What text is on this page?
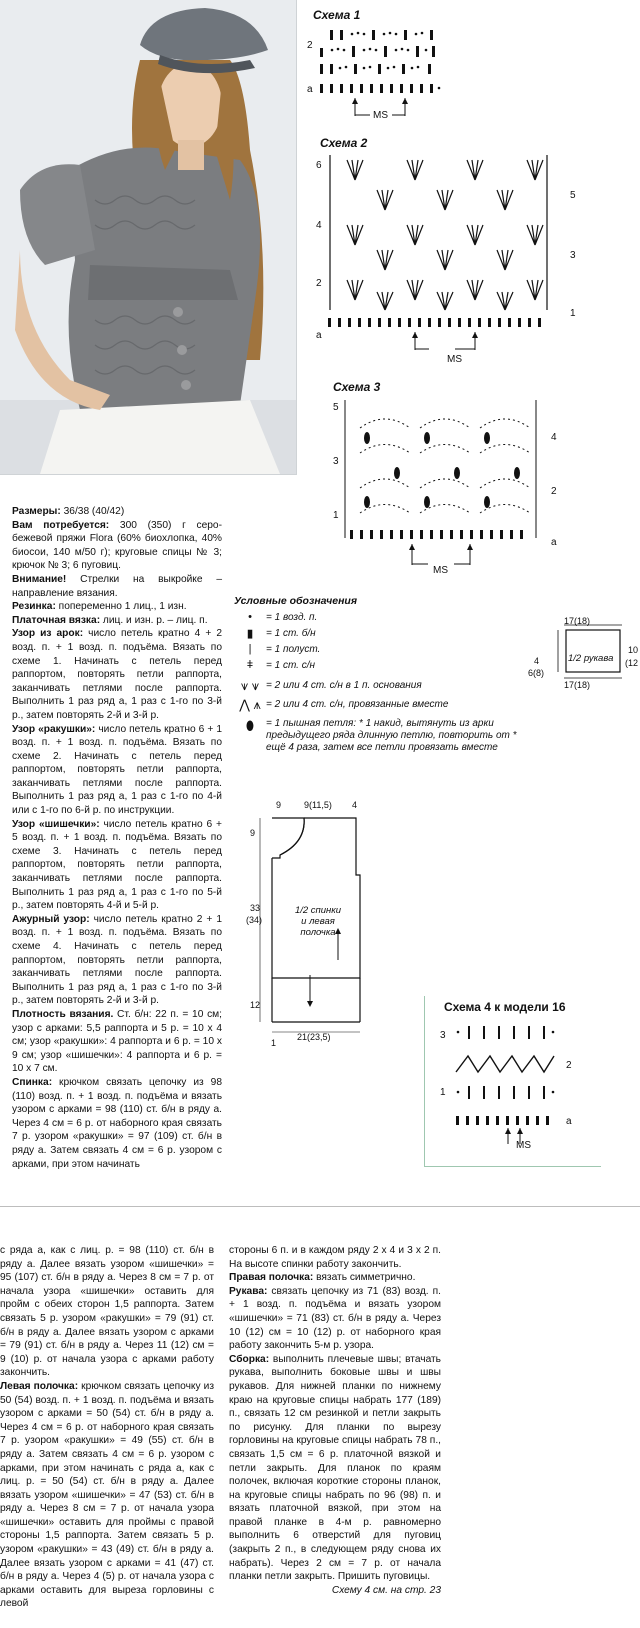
Схема 1
2
a
MS
Схема 2
6
4
2
a
5
3
1
MS
Схема 3
5
3
1
4
2
a
MS
Условные обозначения
•	= 1 возд. п.
▮	= 1 ст. б/н
|	= 1 полуст.
ǂ	= 1 ст. с/н
⩛ ⩛ = 2 или 4 ст. с/н в 1 п. основания
⋀ ⩚ = 2 или 4 ст. с/н, провязанные вместе
⬮	= 1 пышная петля: * 1 накид, вытянуть из арки предыдущего ряда длинную петлю, повторить от * ещё 4 раза, затем все петли провязать вместе
17(18)
17(18)
4
6(8)
1/2 рукава
10
(12
9	9(11,5) 4
9
33
(34)
12
1
21(23,5)
1/2 спинки
и левая
полочка
Схема 4 к модели 16
3
1
2
a
MS

Размеры: 36/38 (40/42)

Вам потребуется: 300 (350) г серо-бежевой пряжи Flora (60% биохлопка, 40% биосои, 140 м/50 г); круговые спицы № 3; крючок № 3; 6 пуговиц.

Внимание! Стрелки на выкройке – направление вязания.

Резинка: попеременно 1 лиц., 1 изн.

Платочная вязка: лиц. и изн. р. – лиц. п.

Узор из арок: число петель кратно 4 + 2 возд. п. + 1 возд. п. подъёма. Вязать по схеме 1. Начинать с петель перед раппортом, повторять петли раппорта, заканчивать петлями после раппорта. Выполнить 1 раз ряд а, 1 раз с 1-го по 3-й р., затем повторять 2-й и 3-й р.

Узор «ракушки»: число петель кратно 6 + 1 возд. п. + 1 возд. п. подъёма. Вязать по схеме 2. Начинать с петель перед раппортом, повторять петли раппорта, заканчивать петлями после раппорта. Выполнить 1 раз ряд а, 1 раз с 1-го по 4-й или с 1-го по 6-й р. по инструкции.

Узор «шишечки»: число петель кратно 6 + 5 возд. п. + 1 возд. п. подъёма. Вязать по схеме 3. Начинать с петель перед раппортом, повторять петли раппорта, заканчивать петлями после раппорта. Выполнить 1 раз ряд а, 1 раз с 1-го по 5-й р., затем повторять 4-й и 5-й р.

Ажурный узор: число петель кратно 2 + 1 возд. п. + 1 возд. п. подъёма. Вязать по схеме 4. Начинать с петель перед раппортом, повторять петли раппорта, заканчивать петлями после раппорта. Выполнить 1 раз ряд а, 1 раз с 1-го по 3-й р., затем повторять 2-й и 3-й р.

Плотность вязания. Ст. б/н: 22 п. = 10 см; узор с арками: 5,5 раппорта и 5 р. = 10 х 4 см; узор «ракушки»: 4 раппорта и 6 р. = 10 х 9 см; узор «шишечки»: 4 раппорта и 6 р. = 10 х 7 см.

Спинка: крючком связать цепочку из 98 (110) возд. п. + 1 возд. п. подъёма и вязать узором с арками = 98 (110) ст. б/н в ряду а. Через 4 см = 6 р. от наборного края связать 7 р. узором «ракушки» = 97 (109) ст. б/н в ряду а. Затем связать 4 см = 6 р. узором с арками, при этом начинать

с ряда а, как с лиц. р. = 98 (110) ст. б/н в ряду а. Далее вязать узором «шишечки» = 95 (107) ст. б/н в ряду а. Через 8 см = 7 р. от начала узора «шишечки» оставить для пройм с обеих сторон 1,5 раппорта. Затем связать 5 р. узором «ракушки» = 79 (91) ст. б/н в ряду а. Далее вязать узором с арками = 79 (91) ст. б/н в ряду а. Через 11 (12) см = 9 (10) р. от начала узора с арками работу закончить.

Левая полочка: крючком связать цепочку из 50 (54) возд. п. + 1 возд. п. подъёма и вязать узором с арками = 50 (54) ст. б/н в ряду а. Через 4 см = 6 р. от наборного края связать 7 р. узором «ракушки» = 49 (55) ст. б/н в ряду а. Затем связать 4 см = 6 р. узором с арками, при этом начинать с ряда а, как с лиц. р. = 50 (54) ст. б/н в ряду а. Далее вязать узором «шишечки» = 47 (53) ст. б/н в ряду а. Через 8 см = 7 р. от начала узора «шишечки» оставить для проймы с правой стороны 1,5 раппорта. Затем связать 5 р. узором «ракушки» = 43 (49) ст. б/н в ряду а. Далее вязать узором с арками = 41 (47) ст. б/н в ряду а. Через 4 (5) р. от начала узора с арками оставить для выреза горловины с левой

стороны 6 п. и в каждом ряду 2 х 4 и 3 х 2 п. На высоте спинки работу закончить.

Правая полочка: вязать симметрично.

Рукава: связать цепочку из 71 (83) возд. п. + 1 возд. п. подъёма и вязать узором «шишечки» = 71 (83) ст. б/н в ряду а. Через 10 (12) см = 10 (12) р. от наборного края работу закончить 5-м р. узора.

Сборка: выполнить плечевые швы; втачать рукава, выполнить боковые швы и швы рукавов. Для нижней планки по нижнему краю на круговые спицы набрать 177 (189) п., связать 12 см резинкой и петли закрыть по рисунку. Для планки по вырезу горловины на круговые спицы набрать 78 п., связать 1,5 см = 6 р. платочной вязкой и петли закрыть. Для планок по краям полочек, включая короткие стороны планок, на круговые спицы набрать по 96 (98) п. и вязать платочной вязкой, при этом на правой планке в 4-м р. равномерно выполнить 6 отверстий для пуговиц (закрыть 2 п., в следующем ряду снова их набрать). Через 2 см = 7 р. от начала планки петли закрыть. Пришить пуговицы.

Схему 4 см. на стр. 23
